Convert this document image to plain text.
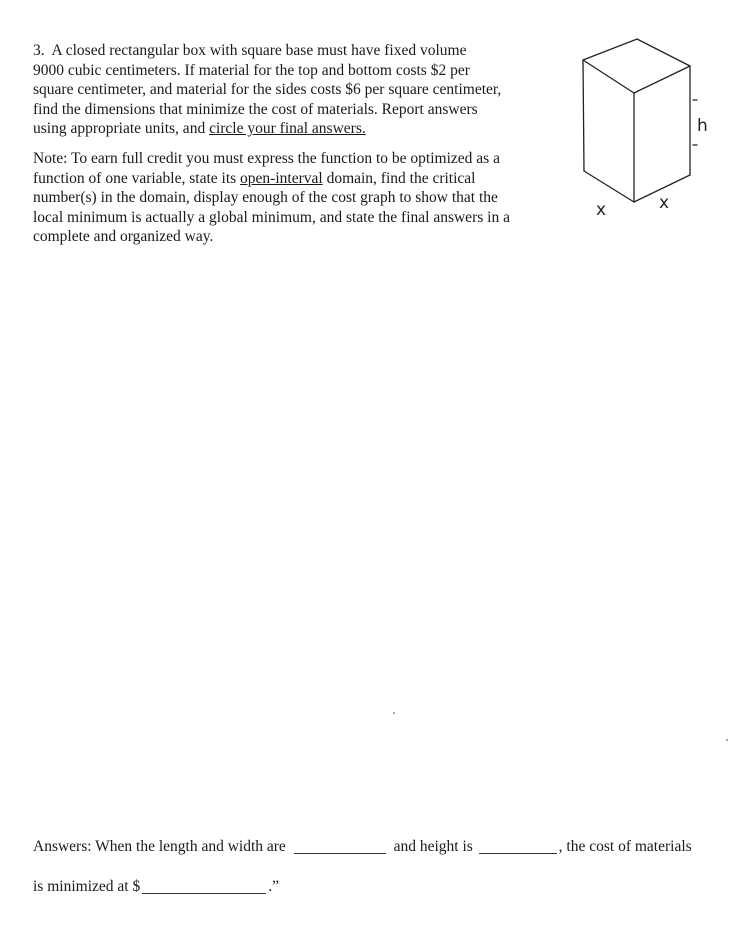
3. A closed rectangular box with square base must have fixed volume
9000 cubic centimeters. If material for the top and bottom costs $2 per
square centimeter, and material for the sides costs $6 per square centimeter,
find the dimensions that minimize the cost of materials. Report answers
using appropriate units, and circle your final answers.

Note: To earn full credit you must express the function to be optimized as a
function of one variable, state its open-interval domain, find the critical
number(s) in the domain, display enough of the cost graph to show that the
local minimum is actually a global minimum, and state the final answers in a
complete and organized way.

h
x	x
Answers: When the length and width are	and height is	, the cost of materials
is minimized at $	.”
